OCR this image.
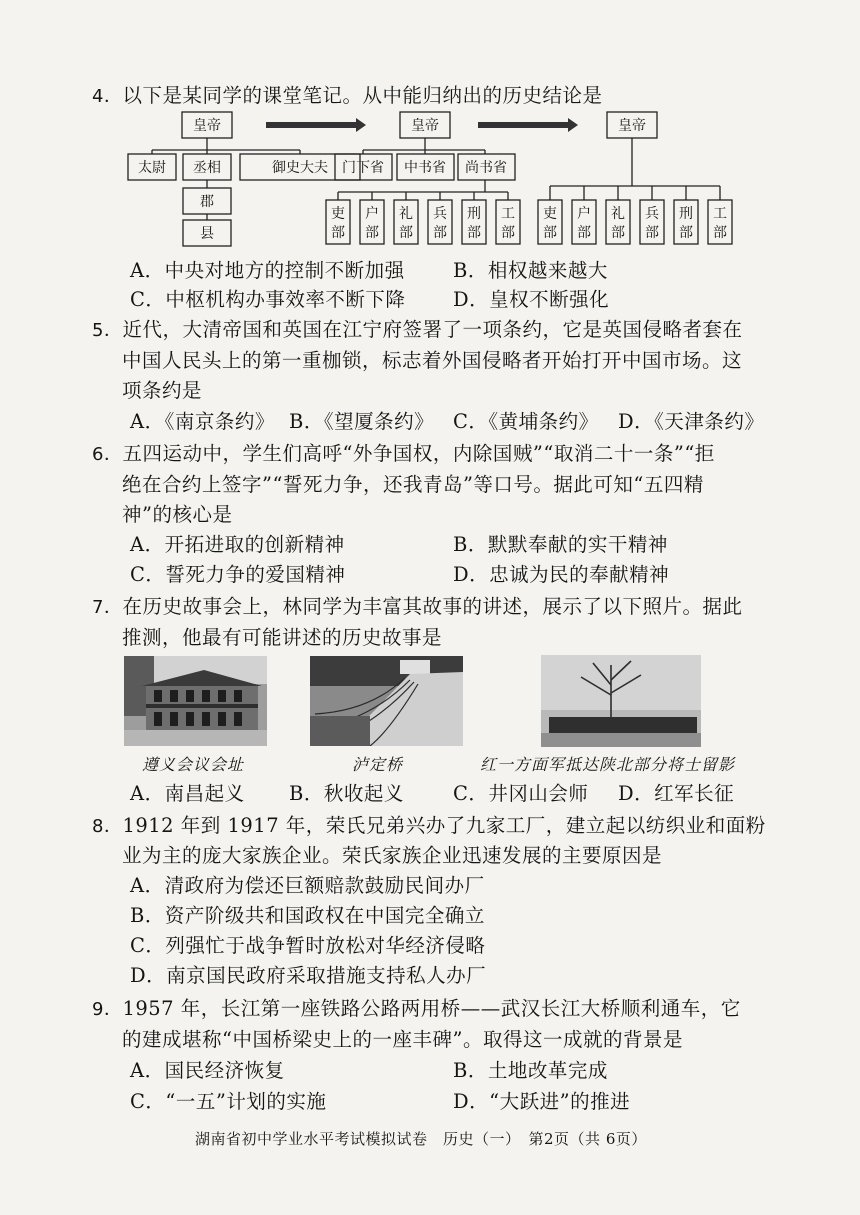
4．以下是某同学的课堂笔记。从中能归纳出的历史结论是
皇帝
太尉 丞相	御史大夫
郡
县
皇帝
门下省 中书省 尚书省
吏
部
户
部
礼
部
兵
部
刑
部
工
部
皇帝
吏
部
户
部
礼
部
兵
部
刑
部
工
部
A．中央对地方的控制不断加强 B．相权越来越大
C．中枢机构办事效率不断下降 D．皇权不断强化
5．近代，大清帝国和英国在江宁府签署了一项条约，它是英国侵略者套在
中国人民头上的第一重枷锁，标志着外国侵略者开始打开中国市场。这
项条约是
A．《南京条约》 B．《望厦条约》 C．《黄埔条约》 D．《天津条约》
6．五四运动中，学生们高呼“外争国权，内除国贼”“取消二十一条”“拒
绝在合约上签字”“誓死力争，还我青岛”等口号。据此可知“五四精
神”的核心是
A．开拓进取的创新精神	B．默默奉献的实干精神
C．誓死力争的爱国精神	D．忠诚为民的奉献精神
7．在历史故事会上，林同学为丰富其故事的讲述，展示了以下照片。据此
推测，他最有可能讲述的历史故事是
遵义会议会址	泸定桥	红一方面军抵达陕北部分将士留影
A．南昌起义 B．秋收起义	C．井冈山会师 D．红军长征
8．1912 年到 1917 年，荣氏兄弟兴办了九家工厂，建立起以纺织业和面粉
业为主的庞大家族企业。荣氏家族企业迅速发展的主要原因是
A．清政府为偿还巨额赔款鼓励民间办厂
B．资产阶级共和国政权在中国完全确立
C．列强忙于战争暂时放松对华经济侵略
D．南京国民政府采取措施支持私人办厂
9．1957 年，长江第一座铁路公路两用桥——武汉长江大桥顺利通车，它
的建成堪称“中国桥梁史上的一座丰碑”。取得这一成就的背景是
A．国民经济恢复	B．土地改革完成
C．“一五”计划的实施	D．“大跃进”的推进
湖南省初中学业水平考试模拟试卷　历史（一）　第2页（共 6页）
